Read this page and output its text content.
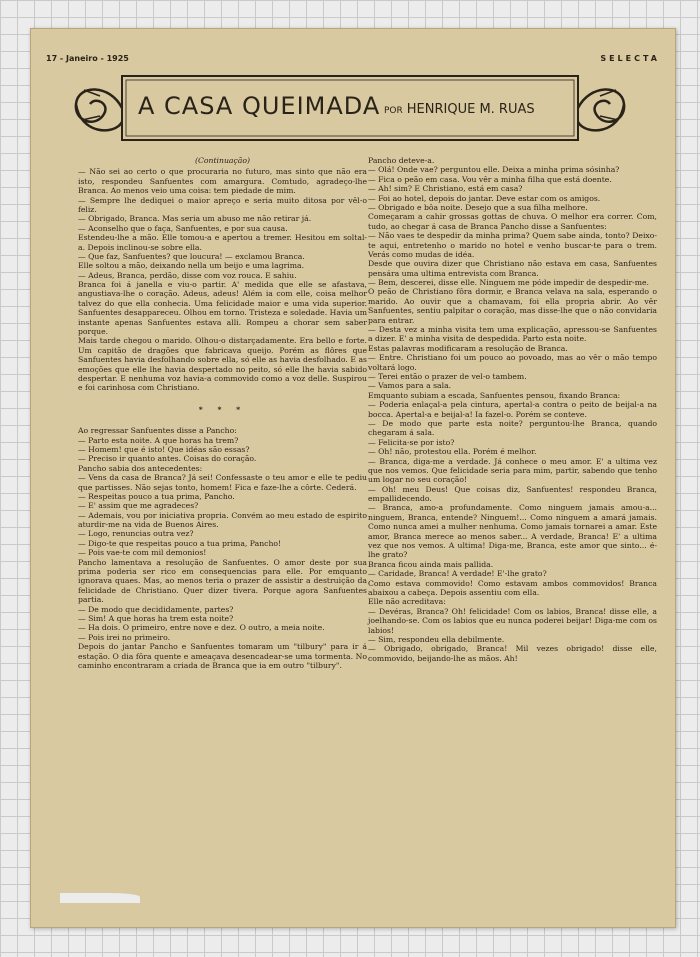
17 - Janeiro - 1925	SELECTA
A CASA QUEIMADA POR HENRIQUE M. RUAS

(Continuação)

— Não sei ao certo o que procuraria no futuro, mas sinto que não era isto, respondeu Sanfuentes com amargura. Comtudo, agradeço-lhe Branca. Ao menos veio uma coisa: tem piedade de mim.

— Sempre lhe dediquei o maior apreço e seria muito ditosa por vêl-o feliz.

— Obrigado, Branca. Mas seria um abuso me não retirar já.

— Aconselho que o faça, Sanfuentes, e por sua causa.

Estendeu-lhe a mão. Elle tomou-a e apertou a tremer. Hesitou em soltal-a. Depois inclinou-se sobre ella.

— Que faz, Sanfuentes? que loucura! — exclamou Branca.

Elle soltou a mão, deixando nella um beijo e uma lagrima.

— Adeus, Branca, perdão, disse com voz rouca. E sahiu.

Branca foi á janella e viu-o partir. A' medida que elle se afastava, angustiava-lhe o coração. Adeus, adeus! Além ia com elle, coisa melhor talvez do que ella conhecia. Uma felicidade maior e uma vida superior. Sanfuentes desappareceu. Olhou em torno. Tristeza e soledade. Havia um instante apenas Sanfuentes estava alli. Rompeu a chorar sem saber porque.

Mais tarde chegou o marido. Olhou-o distarçadamente. Era bello e forte. Um capitão de dragões que fabricava queijo. Porém as flôres que Sanfuentes havia desfolhando sobre ella, só elle as havia desfolhado. E as emoções que elle lhe havia despertado no peito, só elle lhe havia sabido despertar. E nenhuma voz havia-a commovido como a voz delle. Suspirou e foi carinhosa com Christiano.

* * *

Ao regressar Sanfuentes disse a Pancho:

— Parto esta noite. A que horas ha trem?

— Homem! que é isto! Que idéas são essas?

— Preciso ir quanto antes. Coisas do coração.

Pancho sabia dos antecedentes:

— Vens da casa de Branca? Já sei! Confessaste o teu amor e elle te pediu que partisses. Não sejas tonto, homem! Fica e faze-lhe a côrte. Cederá.

— Respeitas pouco a tua prima, Pancho.

— E' assim que me agradeces?

— Ademais, vou por iniciativa propria. Convém ao meu estado de espirito aturdir-me na vida de Buenos Aires.

— Logo, renuncias outra vez?

— Digo-te que respeitas pouco a tua prima, Pancho!

— Pois vae-te com mil demonios!

Pancho lamentava a resolução de Sanfuentes. O amor deste por sua prima poderia ser rico em consequencias para elle. Por emquanto ignorava quaes. Mas, ao menos teria o prazer de assistir a destruição da felicidade de Christiano. Quer dizer tivera. Porque agora Sanfuentes partia.

— De modo que decididamente, partes?

— Sim! A que horas ha trem esta noite?

— Ha dois. O primeiro, entre nove e dez. O outro, a meia noite.

— Pois irei no primeiro.

Depois do jantar Pancho e Sanfuentes tomaram um "tilbury" para ir á estação. O dia fôra quente e ameaçava desencadear-se uma tormenta. No caminho encontraram a criada de Branca que ia em outro "tilbury".

Pancho deteve-a.

— Olá! Onde vae? perguntou elle. Deixa a minha prima sósinha?

— Fica o peão em casa. Vou vêr a minha filha que está doente.

— Ah! sim? E Christiano, está em casa?

— Foi ao hotel, depois do jantar. Deve estar com os amigos.

— Obrigado e bôa noite. Desejo que a sua filha melhore.

Começaram a cahir grossas gottas de chuva. O melhor era correr. Com, tudo, ao chegar á casa de Branca Pancho disse a Sanfuentes:

— Não vaes te despedir da minha prima? Quem sabe ainda, tonto? Deixo-te aqui, entretenho o marido no hotel e venho buscar-te para o trem. Verás como mudas de idéa.

Desde que ouvira dizer que Christiano não estava em casa, Sanfuentes pensára uma ultima entrevista com Branca.

— Bem, descerei, disse elle. Ninguem me póde impedir de despedir-me.

O peão de Christiano fôra dormir, e Branca velava na sala, esperando o marido. Ao ouvir que a chamavam, foi ella propria abrir. Ao vêr Sanfuentes, sentiu palpitar o coração, mas disse-lhe que o não convidaria para entrar.

— Desta vez a minha visita tem uma explicação, apressou-se Sanfuentes a dizer. E' a minha visita de despedida. Parto esta noite.

Estas palavras modificaram a resolução de Branca.

— Entre. Christiano foi um pouco ao povoado, mas ao vêr o mão tempo voltará logo.

— Terei então o prazer de vel-o tambem.

— Vamos para a sala.

Emquanto subiam a escada, Sanfuentes pensou, fixando Branca:

— Poderia enlaçal-a pela cintura, apertal-a contra o peito de beijal-a na bocca. Apertal-a e beijal-a! Ia fazel-o. Porém se conteve.

— De modo que parte esta noite? perguntou-lhe Branca, quando chegaram á sala.

— Felicita-se por isto?

— Oh! não, protestou ella. Porém é melhor.

— Branca, diga-me a verdade. Já conhece o meu amor. E' a ultima vez que nos vemos. Que felicidade seria para mim, partir, sabendo que tenho um logar no seu coração!

— Oh! meu Deus! Que coisas diz, Sanfuentes! respondeu Branca, empallidecendo.

— Branca, amo-a profundamente. Como ninguem jamais amou-a... ninguem, Branca, entende? Ninguem!... Como ninguem a amará jamais. Como nunca amei a mulher nenhuma. Como jamais tornarei a amar. Este amor, Branca merece ao menos saber... A verdade, Branca! E' a ultima vez que nos vemos. A ultima! Diga-me, Branca, este amor que sinto... é-lhe grato?

Branca ficou ainda mais pallida.

— Caridade, Branca! A verdade! E'-lhe grato?

Como estava commovido! Como estavam ambos commovidos! Branca abaixou a cabeça. Depois assentiu com ella.

Elle não acreditava:

— Devéras, Branca? Oh! felicidade! Com os labios, Branca! disse elle, a joelhando-se. Com os labios que eu nunca poderei beijar! Diga-me com os labios!

— Sim, respondeu ella debilmente.

— Obrigado, obrigado, Branca! Mil vezes obrigado! disse elle, commovido, beijando-lhe as mãos. Ah!
